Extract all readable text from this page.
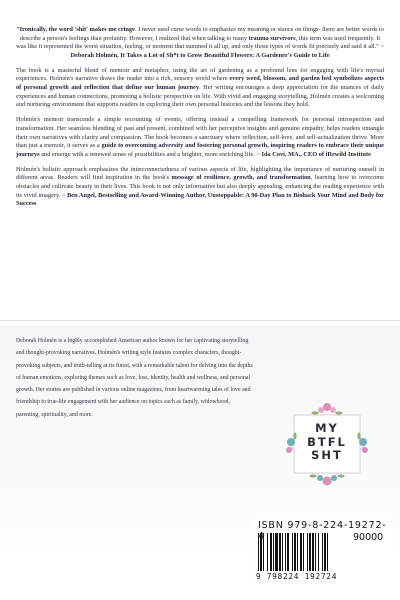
"Ironically, the word 'shit' makes me cringe. I never used curse words to emphasize my meaning or stance on things- there are better words to describe a person's feelings than profanity. However, I realized that when talking to many trauma survivors, this term was used frequently. It was like it represented the worst situation, feeling, or moment that summed it all up, and only those types of words fit precisely and said it all." ~ Deborah Holmén, It Takes a Lot of Sh*t to Grow Beautiful Flowers: A Gardener's Guide to Life

The book is a masterful blend of memoir and metaphor, using the art of gardening as a profound lens for engaging with life's myriad experiences. Holmén's narrative draws the reader into a rich, sensory world where every weed, blossom, and garden bed symbolizes aspects of personal growth and reflection that define our human journey. Her writing encourages a deep appreciation for the nuances of daily experiences and human connections, promoting a holistic perspective on life. With vivid and engaging storytelling, Holmén creates a welcoming and nurturing environment that supports readers in exploring their own personal histories and the lessons they hold.

Holmén's memoir transcends a simple recounting of events, offering instead a compelling framework for personal introspection and transformation. Her seamless blending of past and present, combined with her perceptive insights and genuine empathy, helps readers untangle their own narratives with clarity and compassion. The book becomes a sanctuary where reflection, self-love, and self-actualization thrive. More than just a memoir, it serves as a guide to overcoming adversity and fostering personal growth, inspiring readers to embrace their unique journeys and emerge with a renewed sense of possibilities and a brighter, more enriching life. ~ Ida Covi, MA., CEO of iRewild Institute

Holmén's holistic approach emphasizes the interconnectedness of various aspects of life, highlighting the importance of nurturing oneself in different areas. Readers will find inspiration in the book's message of resilience, growth, and transformation, learning how to overcome obstacles and cultivate beauty in their lives. This book is not only informative but also deeply appealing, enhancing the reading experience with its vivid imagery. ~ Ben Angel, Bestselling and Award-Winning Author, Unstoppable: A 90-Day Plan to Biohack Your Mind and Body for Success

Deborah Holmén is a highly accomplished American author known for her captivating storytelling and thought-provoking narratives. Holmén's writing style features complex characters, thought-provoking subjects, and truth-telling at its finest, with a remarkable talent for delving into the depths of human emotions, exploring themes such as love, loss, identity, health and wellness, and personal growth. Her stories are published in various online magazines, from heartwarming tales of love and friendship to true-life engagement with her audience on topics such as family, widowhood, parenting, spirituality, and more.
MY
BTFL
SHT
ISBN 979-8-224-19272-
90000
9 798224 192724
